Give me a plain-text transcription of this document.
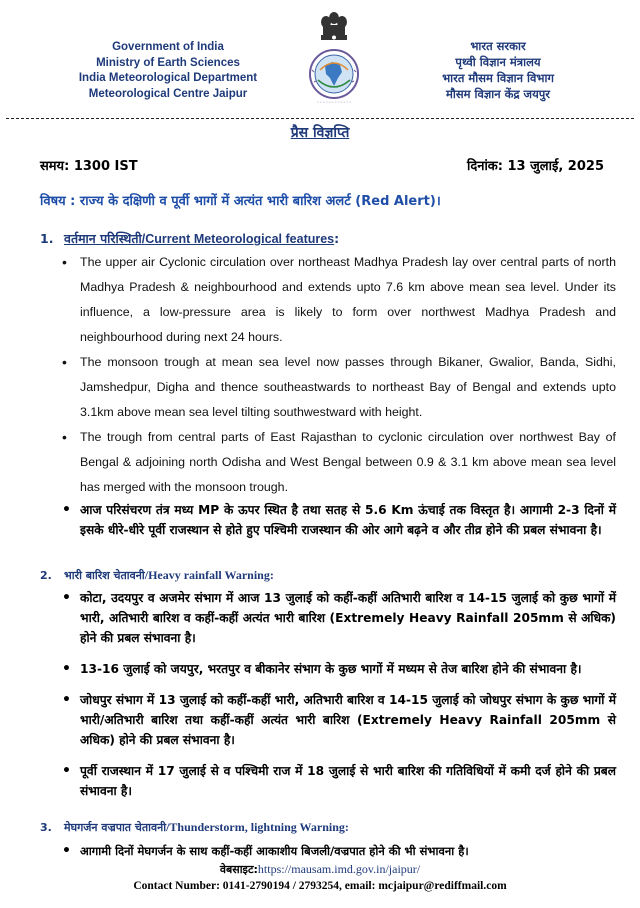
Government of India
Ministry of Earth Sciences
India Meteorological Department
Meteorological Centre Jaipur
◦◦◦◦◦◦◦◦◦◦◦◦
भारत सरकार
पृथ्वी विज्ञान मंत्रालय
भारत मौसम विज्ञान विभाग
मौसम विज्ञान केंद्र जयपुर
प्रैस विज्ञप्ति
समय: 1300 IST	दिनांक: 13 जुलाई, 2025
विषय : राज्य के दक्षिणी व पूर्वी भागों में अत्यंत भारी बारिश अलर्ट (Red Alert)।
1. वर्तमान परिस्थिती/Current Meteorological features:
• The upper air Cyclonic circulation over northeast Madhya Pradesh lay over central parts of north Madhya Pradesh & neighbourhood and extends upto 7.6 km above mean sea level. Under its influence, a low-pressure area is likely to form over northwest Madhya Pradesh and neighbourhood during next 24 hours.
• The monsoon trough at mean sea level now passes through Bikaner, Gwalior, Banda, Sidhi, Jamshedpur, Digha and thence southeastwards to northeast Bay of Bengal and extends upto 3.1km above mean sea level tilting southwestward with height.
• The trough from central parts of East Rajasthan to cyclonic circulation over northwest Bay of Bengal & adjoining north Odisha and West Bengal between 0.9 & 3.1 km above mean sea level has merged with the monsoon trough.
• आज परिसंचरण तंत्र मध्य MP के ऊपर स्थित है तथा सतह से 5.6 Km ऊंचाई तक विस्तृत है। आगामी 2-3 दिनों में इसके धीरे-धीरे पूर्वी राजस्थान से होते हुए पश्चिमी राजस्थान की ओर आगे बढ़ने व और तीव्र होने की प्रबल संभावना है।
2. भारी बारिश चेतावनी/Heavy rainfall Warning:
• कोटा, उदयपुर व अजमेर संभाग में आज 13 जुलाई को कहीं-कहीं अतिभारी बारिश व 14-15 जुलाई को कुछ भागों में भारी, अतिभारी बारिश व कहीं-कहीं अत्यंत भारी बारिश (Extremely Heavy Rainfall 205mm से अधिक) होने की प्रबल संभावना है।
• 13-16 जुलाई को जयपुर, भरतपुर व बीकानेर संभाग के कुछ भागों में मध्यम से तेज बारिश होने की संभावना है।
• जोधपुर संभाग में 13 जुलाई को कहीं-कहीं भारी, अतिभारी बारिश व 14-15 जुलाई को जोधपुर संभाग के कुछ भागों में भारी/अतिभारी बारिश तथा कहीं-कहीं अत्यंत भारी बारिश (Extremely Heavy Rainfall 205mm से अधिक) होने की प्रबल संभावना है।
• पूर्वी राजस्थान में 17 जुलाई से व पश्चिमी राज में 18 जुलाई से भारी बारिश की गतिविधियों में कमी दर्ज होने की प्रबल संभावना है।
3. मेघगर्जन वज्रपात चेतावनी/Thunderstorm, lightning Warning:
• आगामी दिनों मेघगर्जन के साथ कहीं-कहीं आकाशीय बिजली/वज्रपात होने की भी संभावना है।
वेबसाइट:https://mausam.imd.gov.in/jaipur/
Contact Number: 0141-2790194 / 2793254, email: mcjaipur@rediffmail.com
